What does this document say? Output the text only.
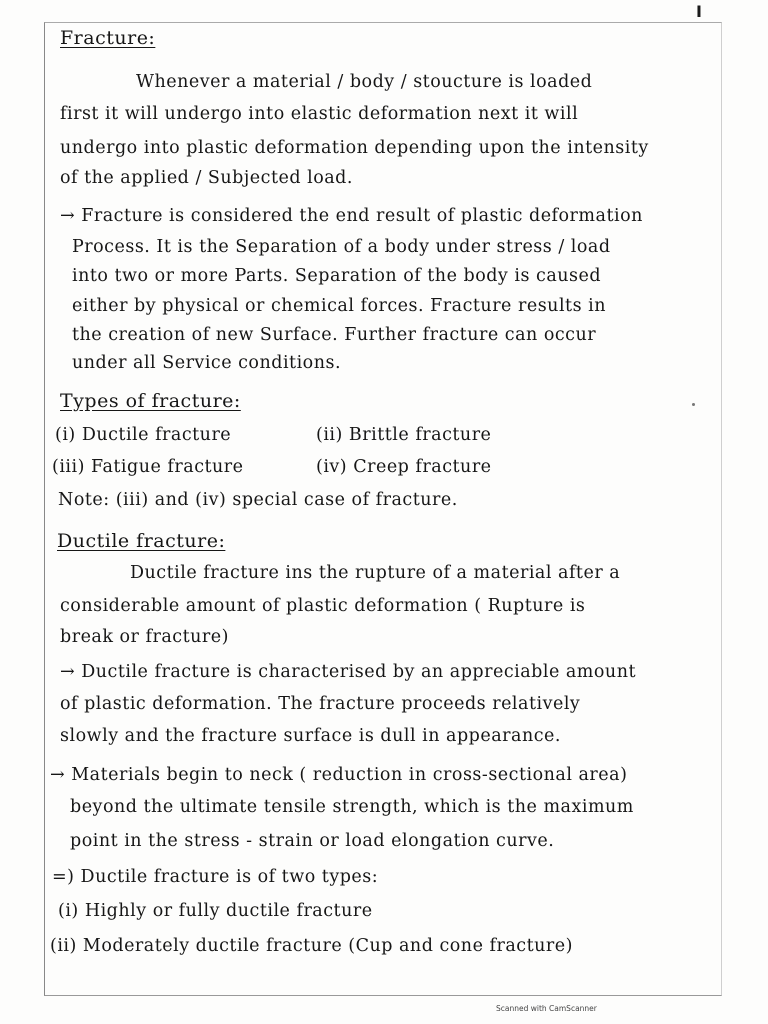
I
Fracture:
Whenever a material / body / stoucture is loaded
first it will undergo into elastic deformation next it will
undergo into plastic deformation depending upon the intensity
of the applied / Subjected load.
→ Fracture is considered the end result of plastic deformation
Process. It is the Separation of a body under stress / load
into two or more Parts. Separation of the body is caused
either by physical or chemical forces. Fracture results in
the creation of new Surface. Further fracture can occur
under all Service conditions.
Types of fracture:
(i) Ductile fracture	(ii) Brittle fracture
(iii) Fatigue fracture	(iv) Creep fracture
Note: (iii) and (iv) special case of fracture.
Ductile fracture:
Ductile fracture ins the rupture of a material after a
considerable amount of plastic deformation ( Rupture is
break or fracture)
→ Ductile fracture is characterised by an appreciable amount
of plastic deformation. The fracture proceeds relatively
slowly and the fracture surface is dull in appearance.
→ Materials begin to neck ( reduction in cross-sectional area)
beyond the ultimate tensile strength, which is the maximum
point in the stress - strain or load elongation curve.
=) Ductile fracture is of two types:
(i) Highly or fully ductile fracture
(ii) Moderately ductile fracture (Cup and cone fracture)
Scanned with CamScanner
